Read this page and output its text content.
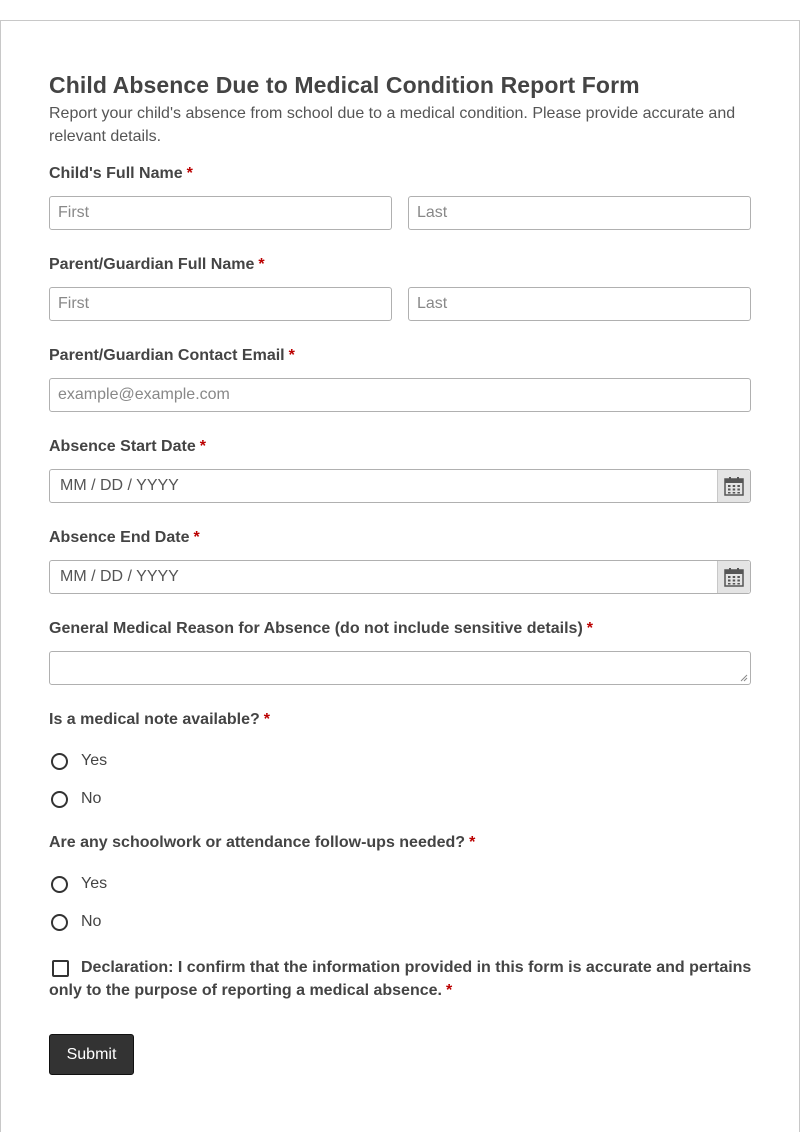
Child Absence Due to Medical Condition Report Form

Report your child's absence from school due to a medical condition. Please provide accurate and relevant details.

Child's Full Name *
First
Last
Parent/Guardian Full Name *
First
Last
Parent/Guardian Contact Email *
example@example.com
Absence Start Date *
MM / DD / YYYY
Absence End Date *
MM / DD / YYYY
General Medical Reason for Absence (do not include sensitive details) *
Is a medical note available? *
Yes
No
Are any schoolwork or attendance follow-ups needed? *
Yes
No

Declaration: I confirm that the information provided in this form is accurate and pertains only to the purpose of reporting a medical absence. *

Submit
